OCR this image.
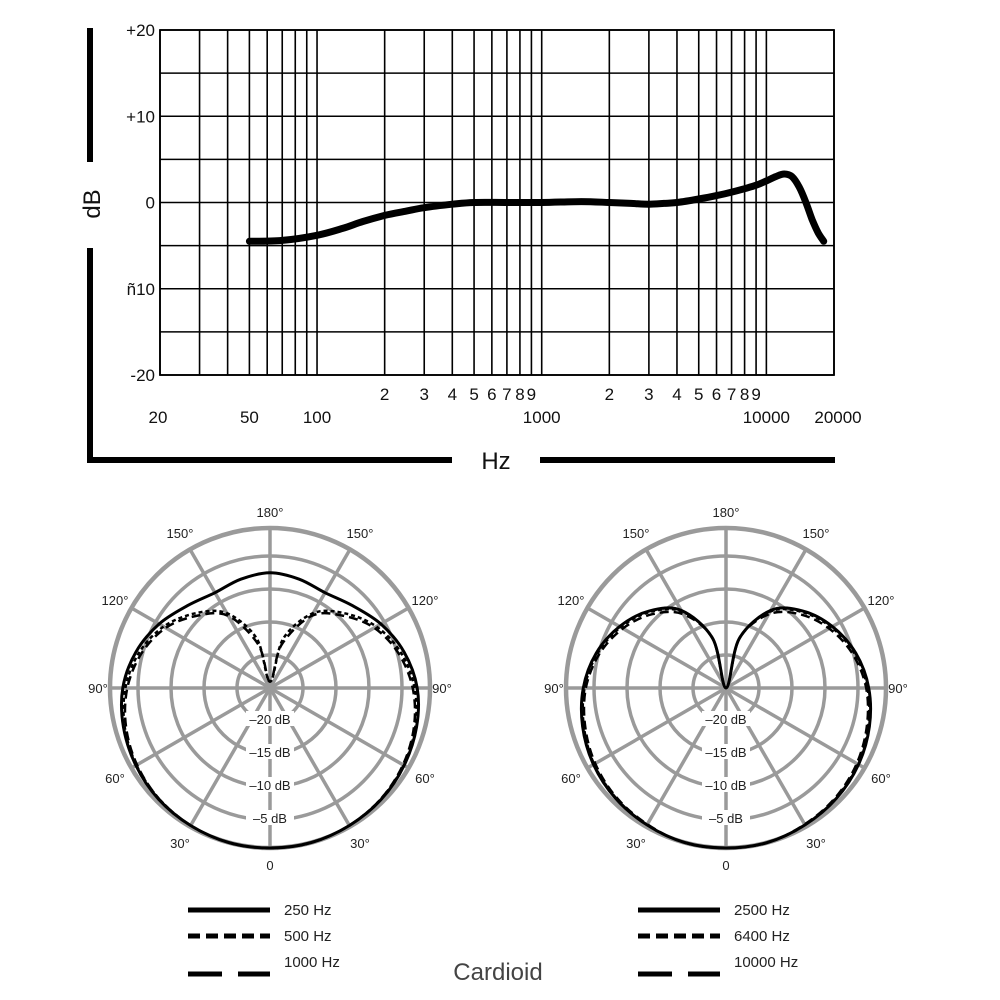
+20
+10
0
ñ10
-20
2 3 4 5 6 7 8 9	2 3 4 5 6 7 8 9
20	50	100	1000	10000 20000
dB
Hz
180°
150°	150°
120°	120°
90°	90°
60°	60°
30°	30°
0
–20 dB
–15 dB
–10 dB
–5 dB
180°
150°	150°
120°	120°
90°	90°
60°	60°
30°	30°
0
–20 dB
–15 dB
–10 dB
–5 dB
250 Hz
500 Hz
1000 Hz
2500 Hz
6400 Hz
10000 Hz
Cardioid
